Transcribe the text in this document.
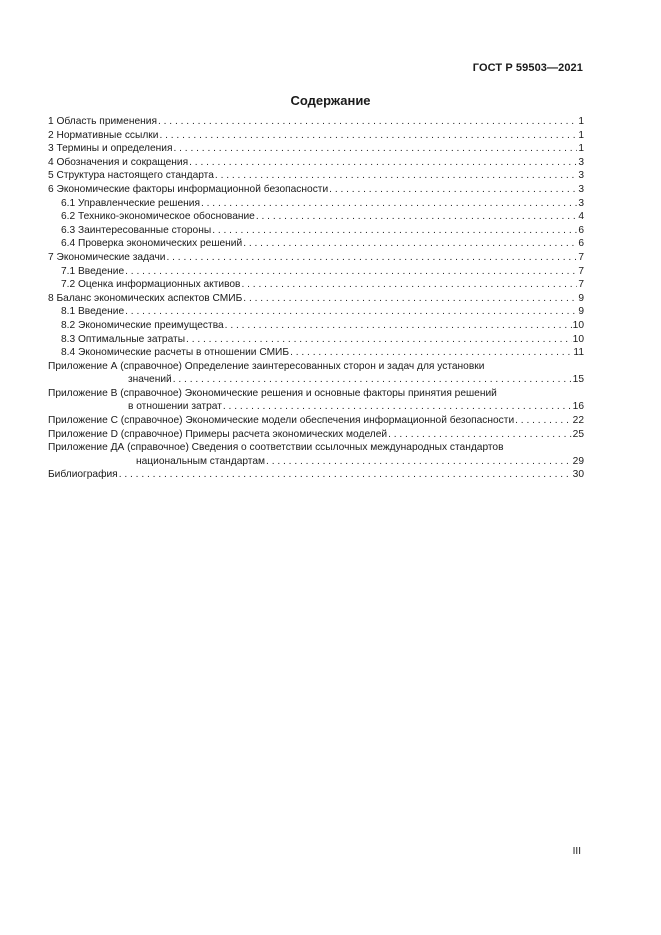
ГОСТ Р 59503—2021
Содержание
1 Область применения . . .	1
2 Нормативные ссылки . . .	1
3 Термины и определения . . .	1
4 Обозначения и сокращения . . .	3
5 Структура настоящего стандарта . . .	3
6 Экономические факторы информационной безопасности . . .	3
6.1 Управленческие решения . . .	3
6.2 Технико-экономическое обоснование . . .	4
6.3 Заинтересованные стороны . . .	6
6.4 Проверка экономических решений . . .	6
7 Экономические задачи . . .	7
7.1 Введение . . .	7
7.2 Оценка информационных активов . . .	7
8 Баланс экономических аспектов СМИБ . . .	9
8.1 Введение . . .	9
8.2 Экономические преимущества . . .	10
8.3 Оптимальные затраты . . .	10
8.4 Экономические расчеты в отношении СМИБ . . .	11
Приложение А (справочное) Определение заинтересованных сторон и задач для установки
значений . . .	15
Приложение В (справочное) Экономические решения и основные факторы принятия решений
в отношении затрат . . .	16
Приложение С (справочное) Экономические модели обеспечения информационной безопасности . . .	22
Приложение D (справочное) Примеры расчета экономических моделей . . .	25
Приложение ДА (справочное) Сведения о соответствии ссылочных международных стандартов
национальным стандартам . . .	29
Библиография . . .	30
III
